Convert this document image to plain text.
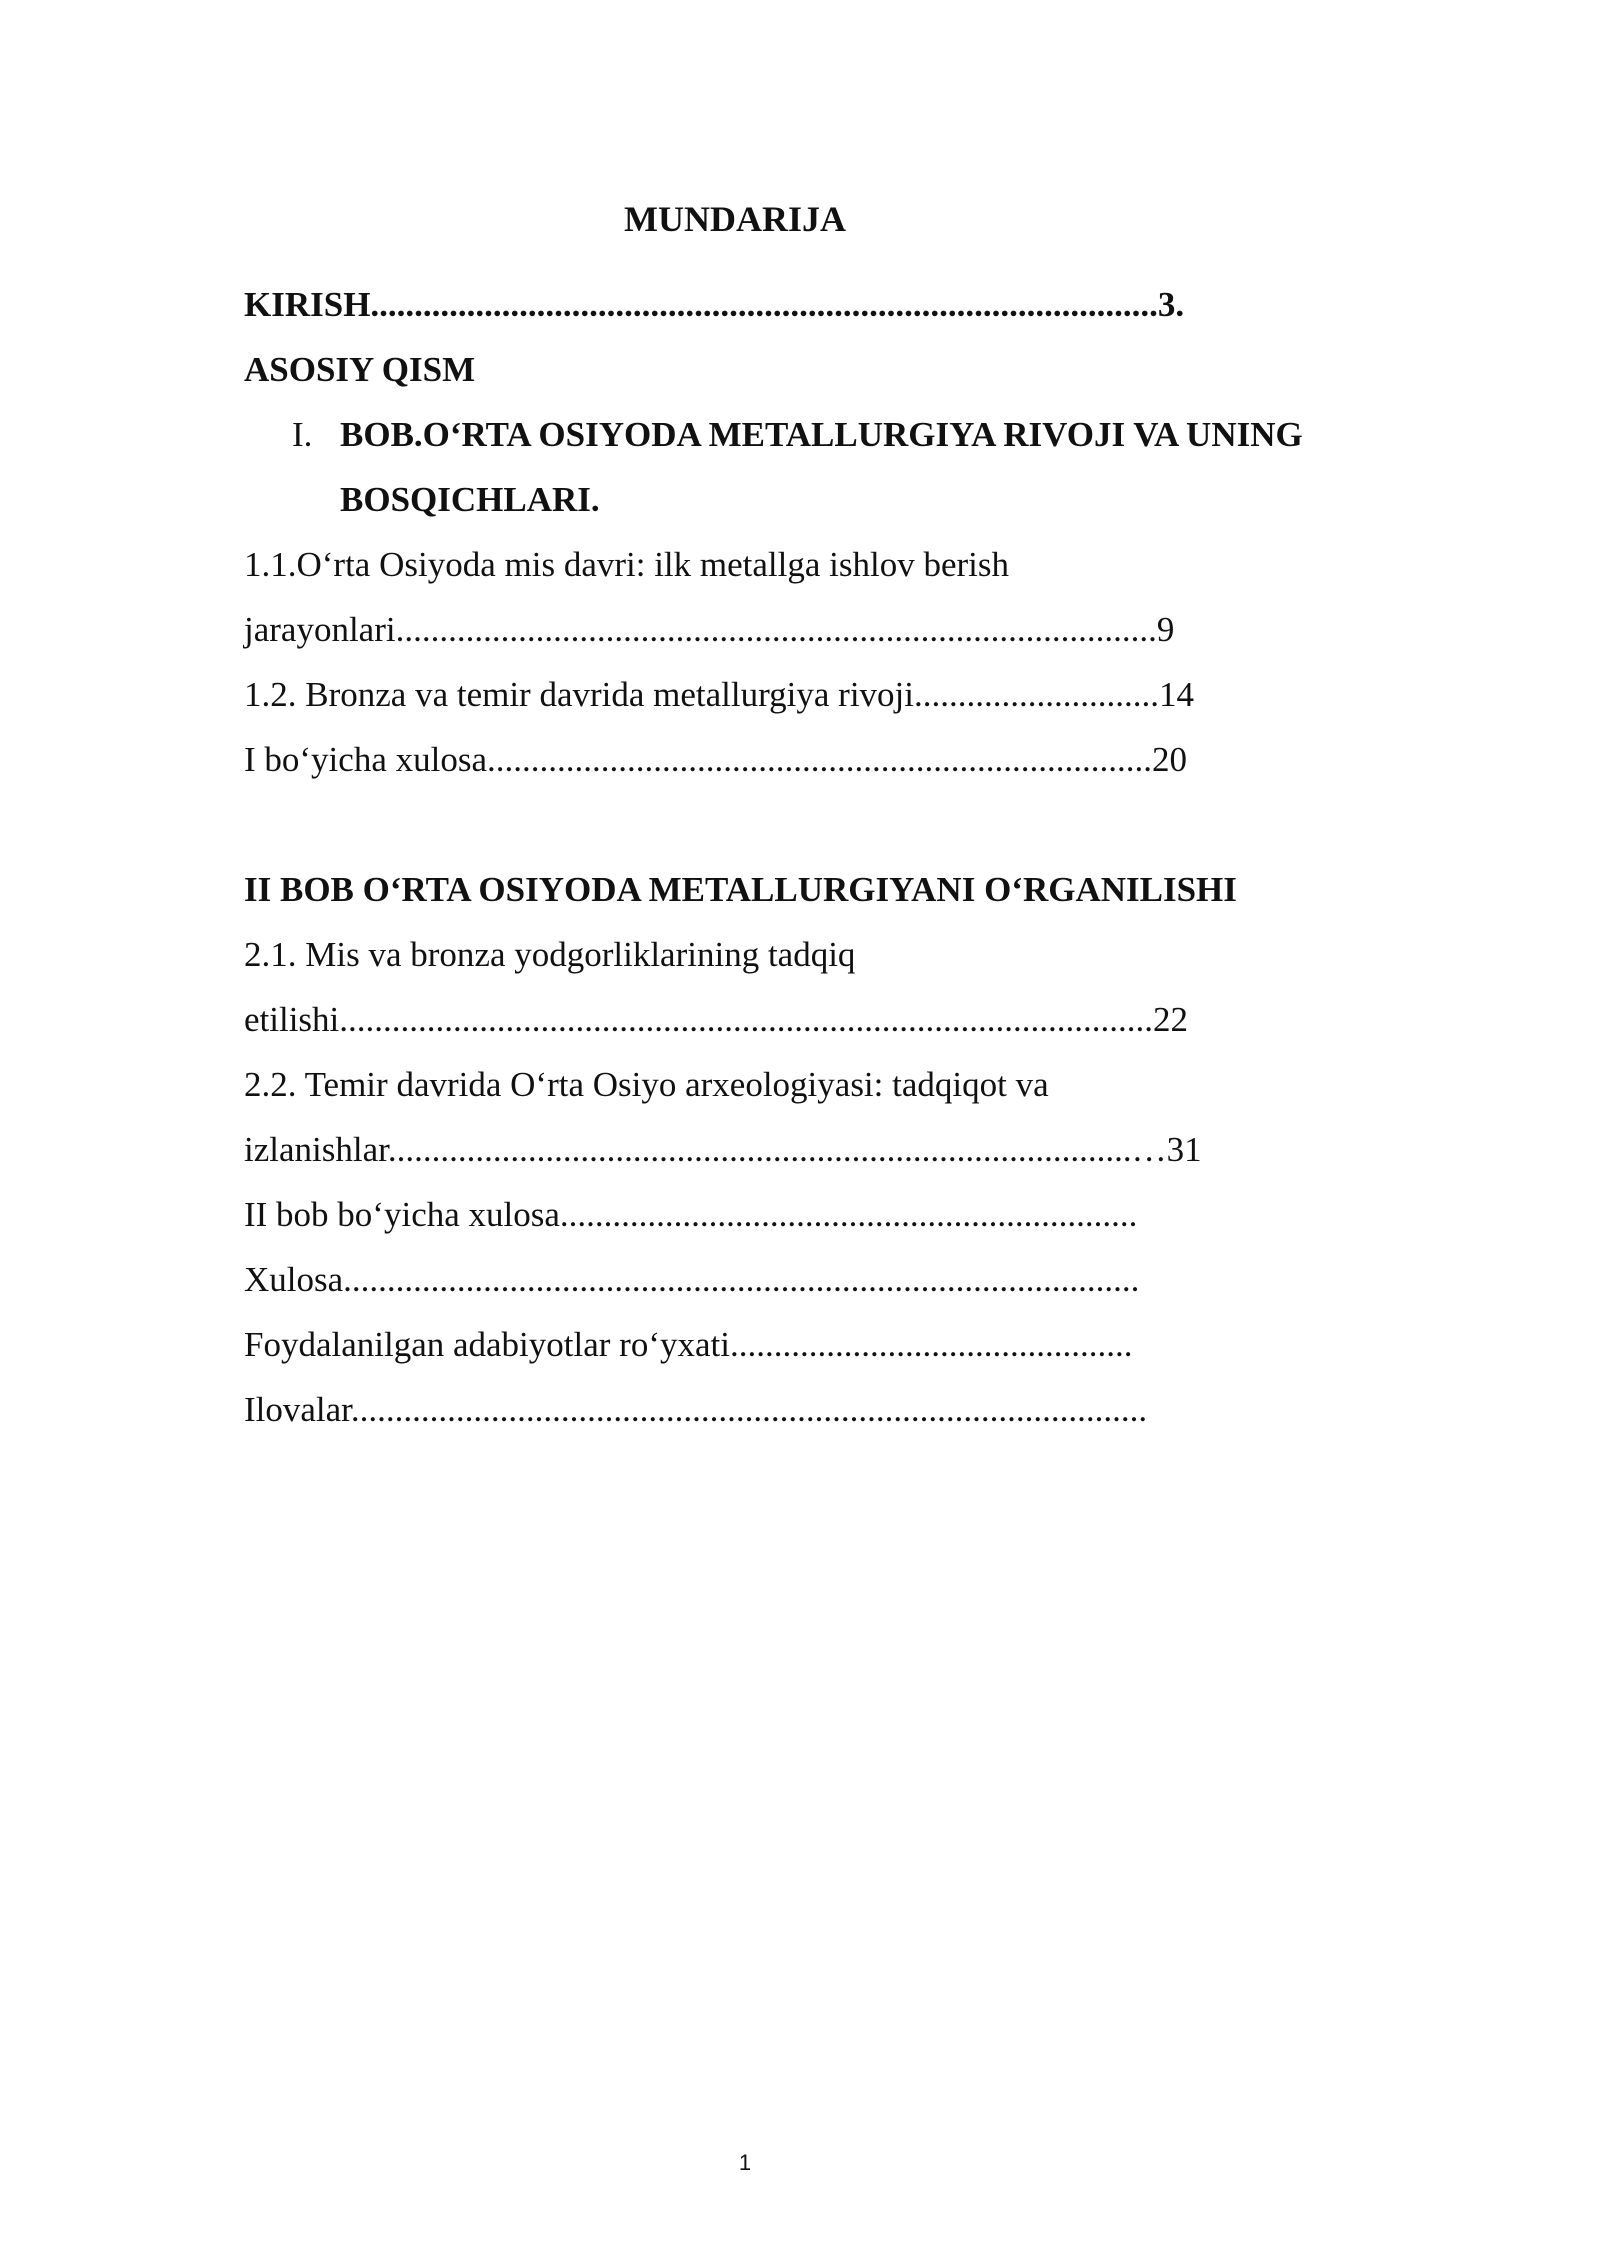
MUNDARIJA
KIRISH..........................................................................................3.
ASOSIY QISM
I. BOB.O‘RTA OSIYODA METALLURGIYA RIVOJI VA UNING
BOSQICHLARI.
1.1.O‘rta Osiyoda mis davri: ilk metallga ishlov berish
jarayonlari.......................................................................................9
1.2. Bronza va temir davrida metallurgiya rivoji............................14
I bo‘yicha xulosa............................................................................20
II BOB O‘RTA OSIYODA METALLURGIYANI O‘RGANILISHI
2.1. Mis va bronza yodgorliklarining tadqiq
etilishi.............................................................................................22
2.2. Temir davrida O‘rta Osiyo arxeologiyasi: tadqiqot va
izlanishlar.....................................................................................…31
II bob bo‘yicha xulosa..................................................................
Xulosa...........................................................................................
Foydalanilgan adabiyotlar ro‘yxati..............................................
Ilovalar...........................................................................................
1
